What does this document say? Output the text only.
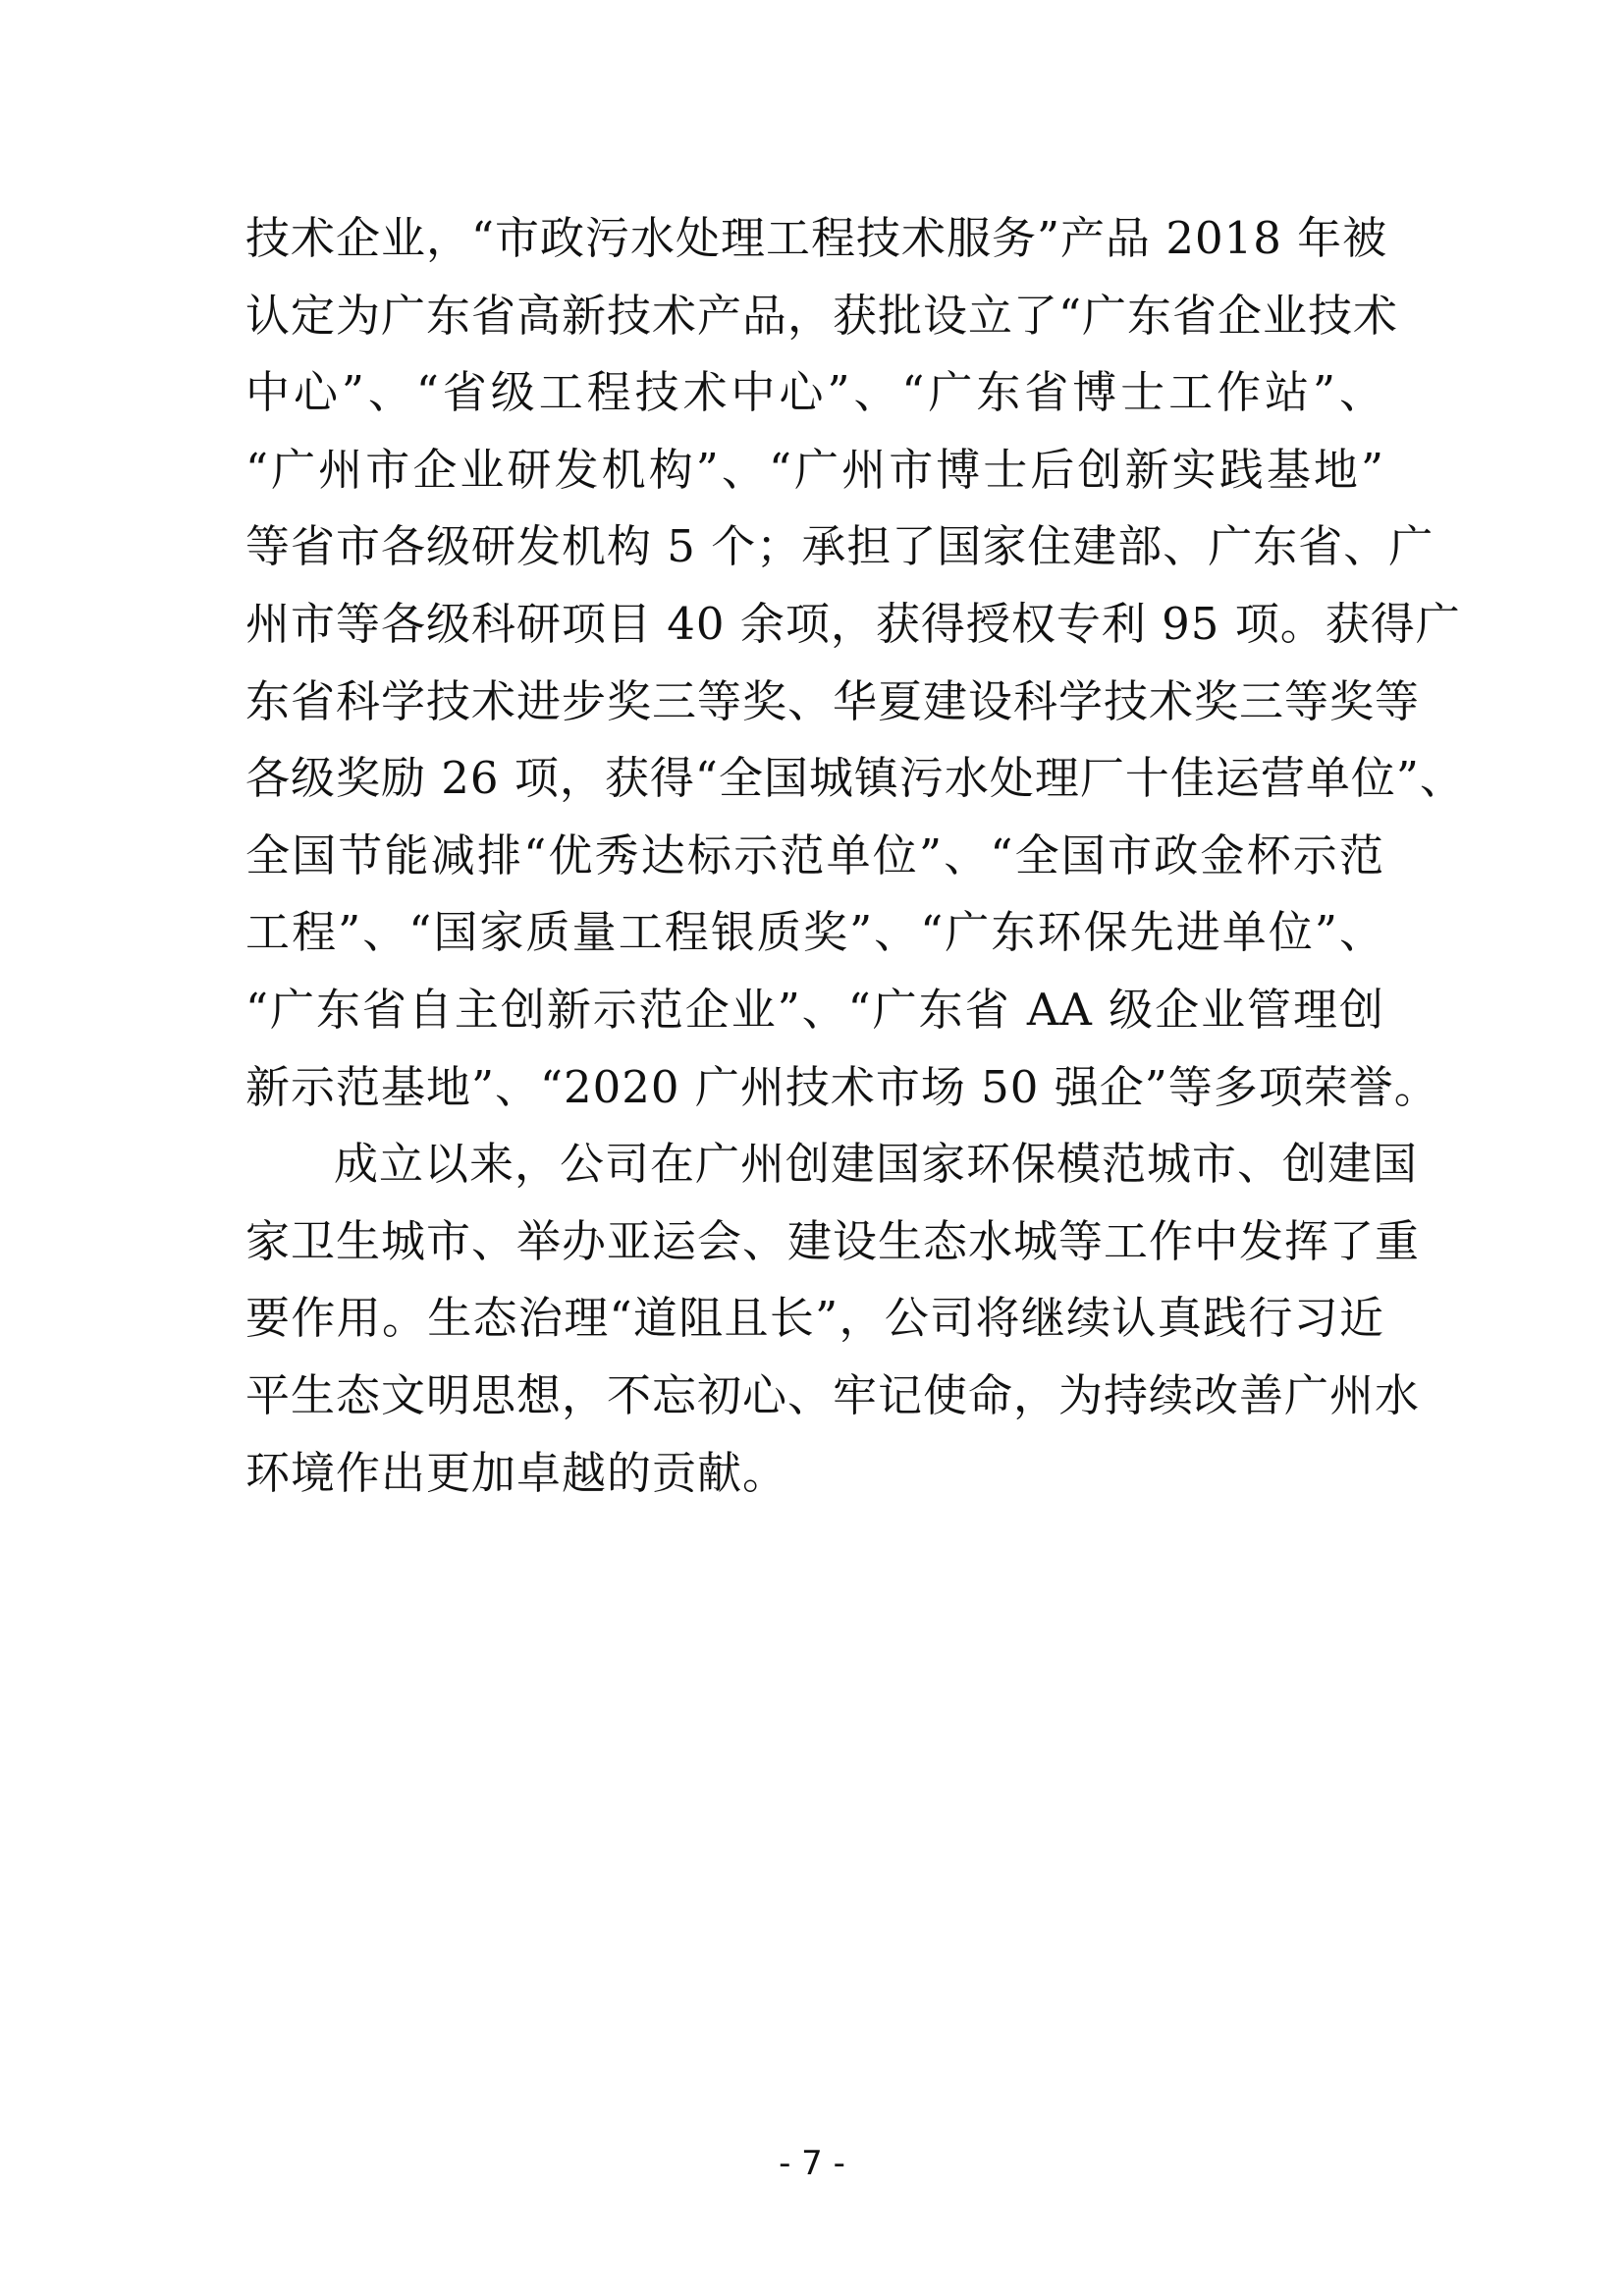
技术企业，“市政污水处理工程技术服务”产品 2018 年被
认定为广东省高新技术产品，获批设立了“广东省企业技术
中心”、“省级工程技术中心”、“广东省博士工作站”、
“广州市企业研发机构”、“广州市博士后创新实践基地”
等省市各级研发机构 5 个；承担了国家住建部、广东省、广
州市等各级科研项目 40 余项，获得授权专利 95 项。获得广
东省科学技术进步奖三等奖、华夏建设科学技术奖三等奖等
各级奖励 26 项，获得“全国城镇污水处理厂十佳运营单位”、
全国节能减排“优秀达标示范单位”、“全国市政金杯示范
工程”、“国家质量工程银质奖”、“广东环保先进单位”、
“广东省自主创新示范企业”、“广东省 AA 级企业管理创
新示范基地”、“2020 广州技术市场 50 强企”等多项荣誉。
成立以来，公司在广州创建国家环保模范城市、创建国
家卫生城市、举办亚运会、建设生态水城等工作中发挥了重
要作用。生态治理“道阻且长”，公司将继续认真践行习近
平生态文明思想，不忘初心、牢记使命，为持续改善广州水
环境作出更加卓越的贡献。
- 7 -
